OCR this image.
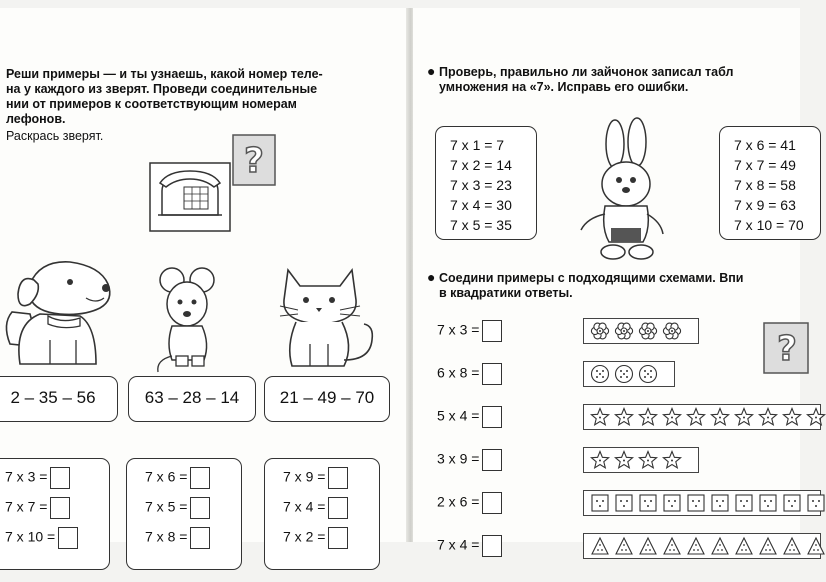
Реши примеры — и ты узнаешь, какой номер теле-
на у каждого из зверят. Проведи соединительные
нии от примеров к соответствующим номерам
лефонов.
Раскрась зверят.
?
2 – 35 – 56	63 – 28 – 14	21 – 49 – 70
7 x 3 =
7 x 7 =
7 x 10 =
7 x 6 =
7 x 5 =
7 x 8 =
7 x 9 =
7 x 4 =
7 x 2 =
● Проверь, правильно ли зайчонок записал табл
умножения на «7». Исправь его ошибки.
7 x 1 = 7
7 x 2 = 14
7 x 3 = 23
7 x 4 = 30
7 x 5 = 35
7 x 6 = 41
7 x 7 = 49
7 x 8 = 58
7 x 9 = 63
7 x 10 = 70
● Соедини примеры с подходящими схемами. Впи
в квадратики ответы.
7 x 3 =
6 x 8 =
5 x 4 =
3 x 9 =
2 x 6 =
7 x 4 =
?
